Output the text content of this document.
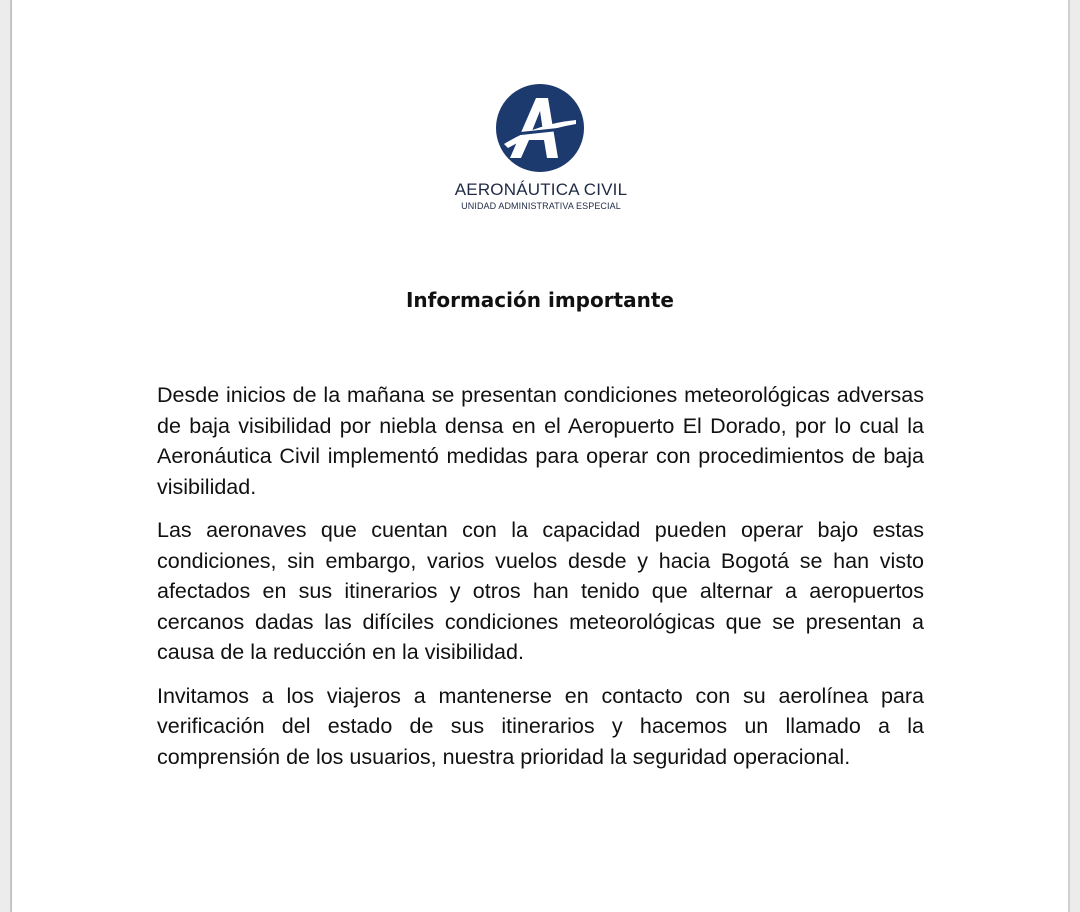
AERONÁUTICA CIVIL
UNIDAD ADMINISTRATIVA ESPECIAL
Información importante

Desde inicios de la mañana se presentan condiciones meteorológicas adversas de baja visibilidad por niebla densa en el Aeropuerto El Dorado, por lo cual la Aeronáutica Civil implementó medidas para operar con procedimientos de baja visibilidad.

Las aeronaves que cuentan con la capacidad pueden operar bajo estas condiciones, sin embargo, varios vuelos desde y hacia Bogotá se han visto afectados en sus itinerarios y otros han tenido que alternar a aeropuertos cercanos dadas las difíciles condiciones meteorológicas que se presentan a causa de la reducción en la visibilidad.

Invitamos a los viajeros a mantenerse en contacto con su aerolínea para verificación del estado de sus itinerarios y hacemos un llamado a la comprensión de los usuarios, nuestra prioridad la seguridad operacional.
